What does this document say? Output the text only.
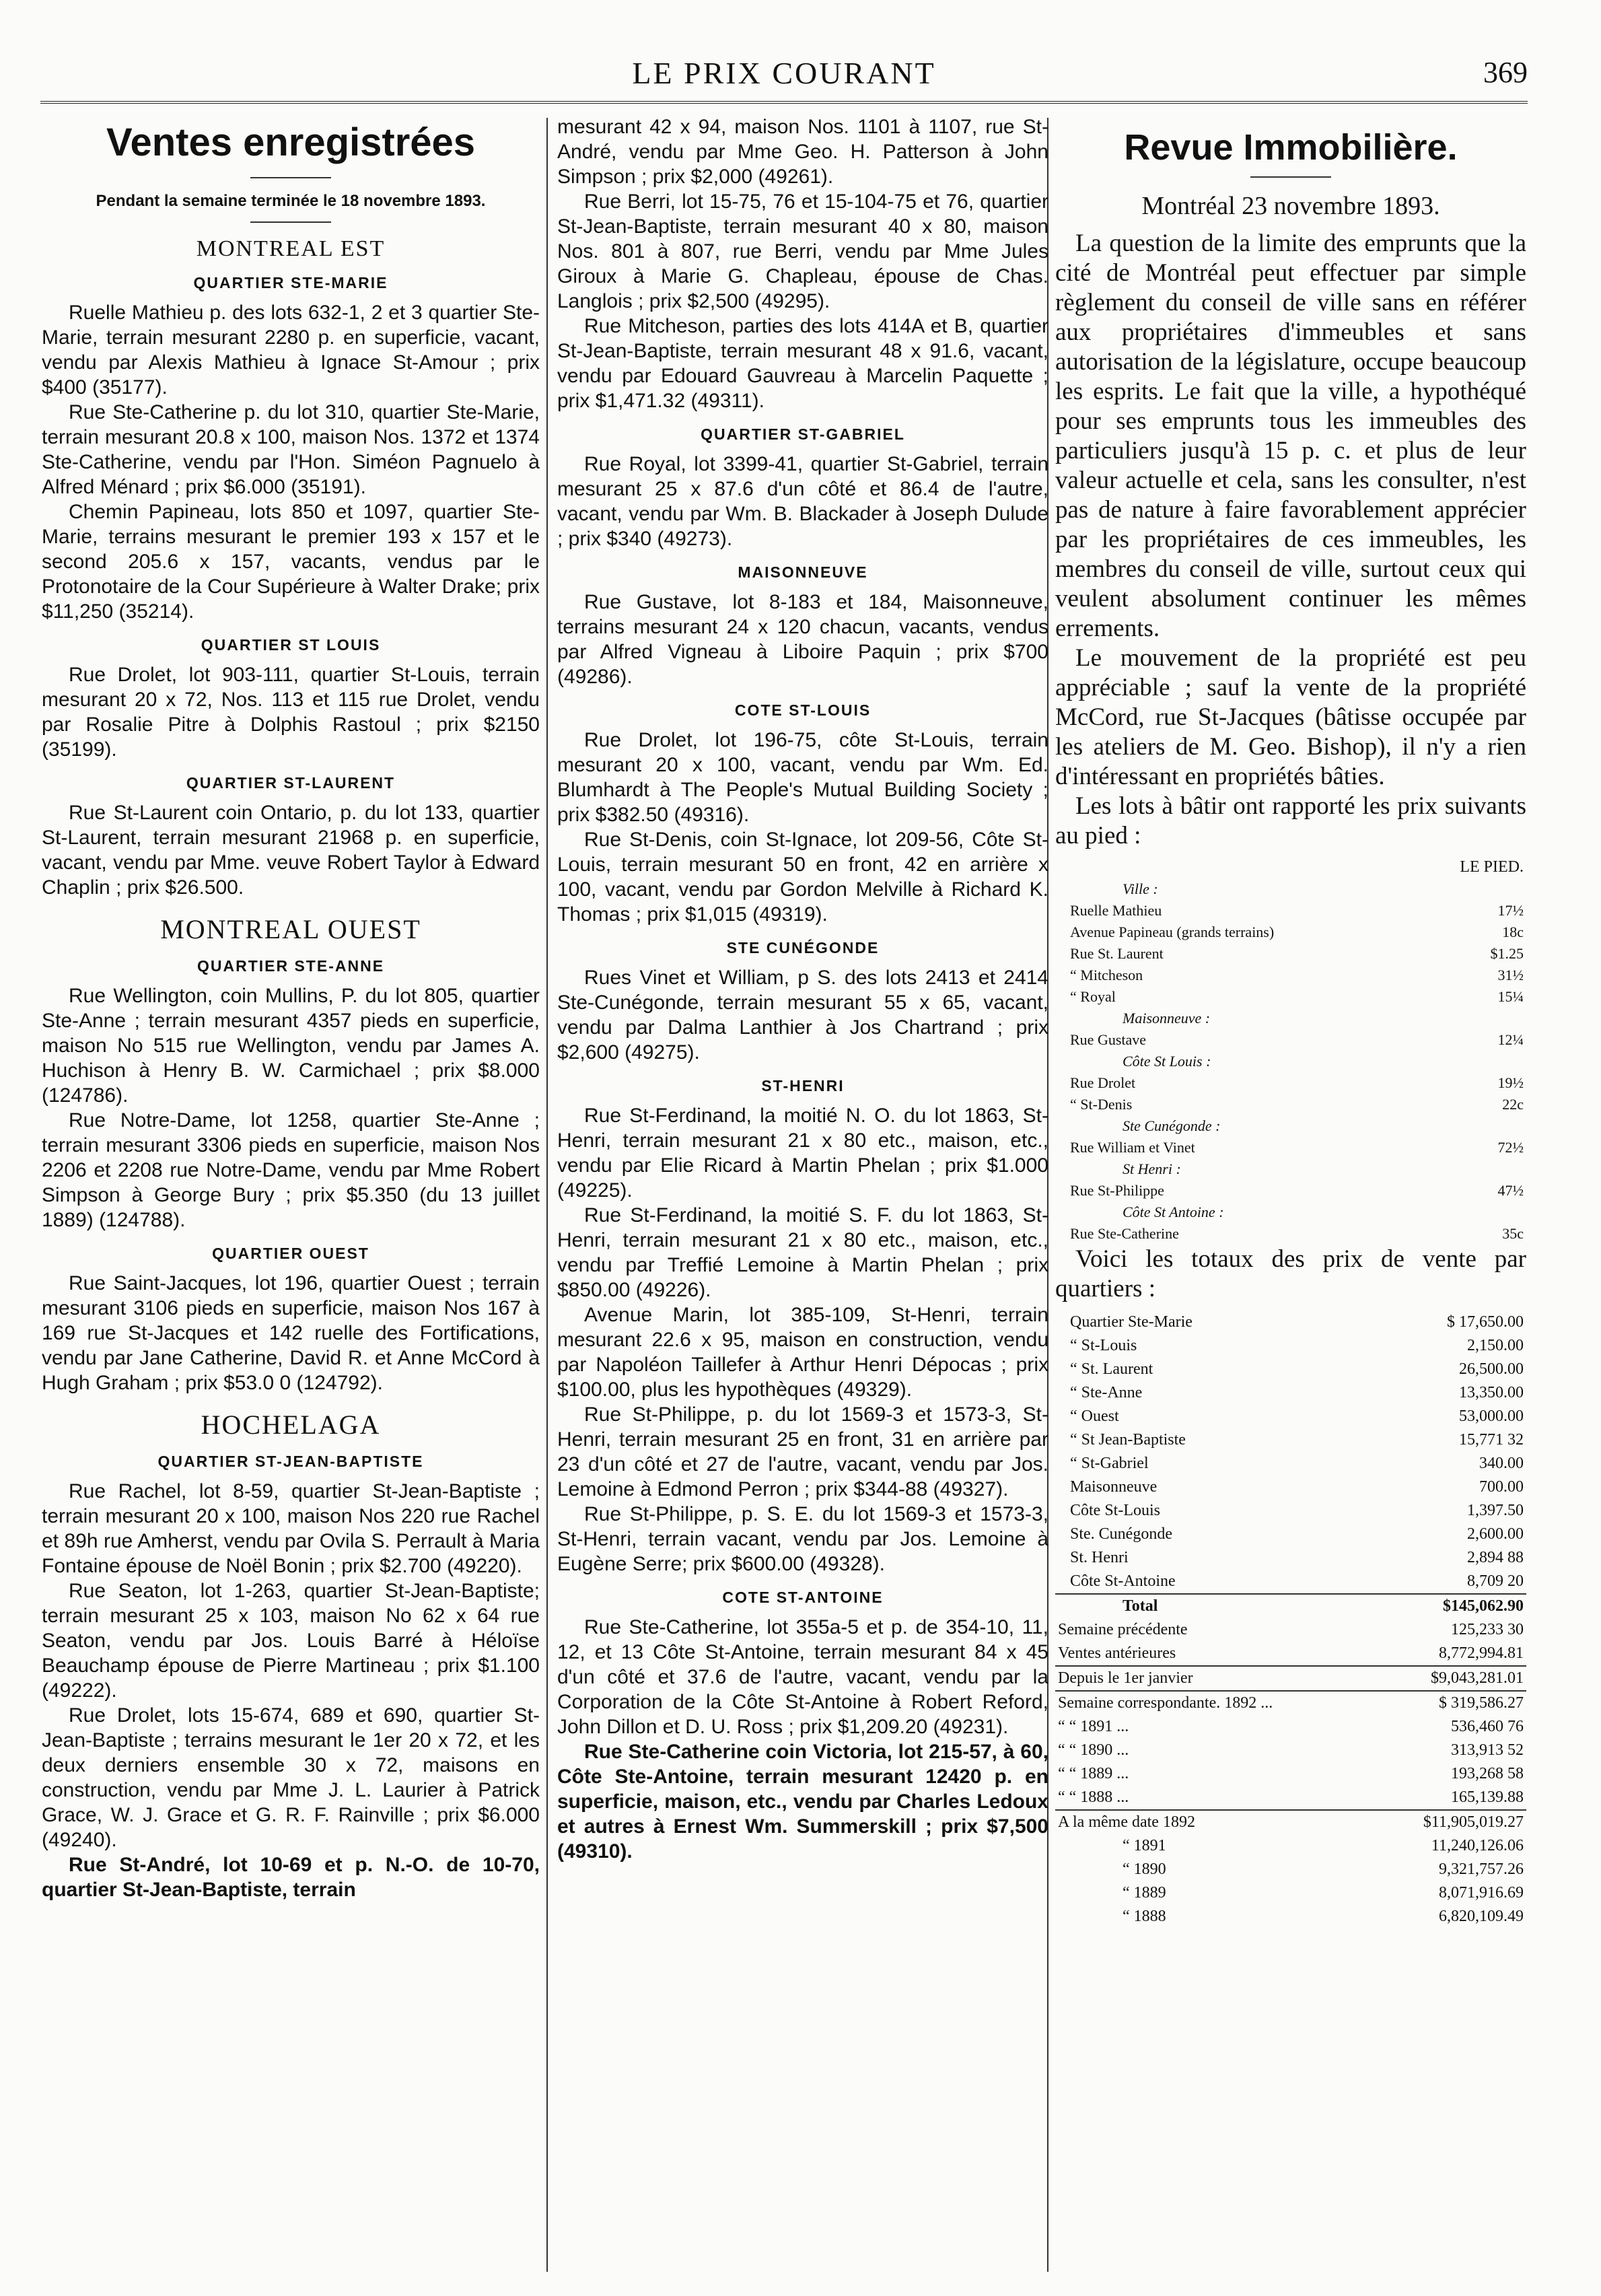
LE PRIX COURANT	369
Ventes enregistrées
Pendant la semaine terminée le 18 novembre 1893.
MONTREAL EST
QUARTIER STE-MARIE

Ruelle Mathieu p. des lots 632-1, 2 et 3 quartier Ste-Marie, terrain mesurant 2280 p. en superficie, vacant, vendu par Alexis Mathieu à Ignace St-Amour ; prix $400 (35177).

Rue Ste-Catherine p. du lot 310, quartier Ste-Marie, terrain mesurant 20.8 x 100, maison Nos. 1372 et 1374 Ste-Catherine, vendu par l'Hon. Siméon Pagnuelo à Alfred Ménard ; prix $6.000 (35191).

Chemin Papineau, lots 850 et 1097, quartier Ste-Marie, terrains mesurant le premier 193 x 157 et le second 205.6 x 157, vacants, vendus par le Protonotaire de la Cour Supérieure à Walter Drake; prix $11,250 (35214).

QUARTIER ST LOUIS

Rue Drolet, lot 903-111, quartier St-Louis, terrain mesurant 20 x 72, Nos. 113 et 115 rue Drolet, vendu par Rosalie Pitre à Dolphis Rastoul ; prix $2150 (35199).

QUARTIER ST-LAURENT

Rue St-Laurent coin Ontario, p. du lot 133, quartier St-Laurent, terrain mesurant 21968 p. en superficie, vacant, vendu par Mme. veuve Robert Taylor à Edward Chaplin ; prix $26.500.

MONTREAL OUEST
QUARTIER STE-ANNE

Rue Wellington, coin Mullins, P. du lot 805, quartier Ste-Anne ; terrain mesurant 4357 pieds en superficie, maison No 515 rue Wellington, vendu par James A. Huchison à Henry B. W. Carmichael ; prix $8.000 (124786).

Rue Notre-Dame, lot 1258, quartier Ste-Anne ; terrain mesurant 3306 pieds en superficie, maison Nos 2206 et 2208 rue Notre-Dame, vendu par Mme Robert Simpson à George Bury ; prix $5.350 (du 13 juillet 1889) (124788).

QUARTIER OUEST

Rue Saint-Jacques, lot 196, quartier Ouest ; terrain mesurant 3106 pieds en superficie, maison Nos 167 à 169 rue St-Jacques et 142 ruelle des Fortifications, vendu par Jane Catherine, David R. et Anne McCord à Hugh Graham ; prix $53.0 0 (124792).

HOCHELAGA
QUARTIER ST-JEAN-BAPTISTE

Rue Rachel, lot 8-59, quartier St-Jean-Baptiste ; terrain mesurant 20 x 100, maison Nos 220 rue Rachel et 89h rue Amherst, vendu par Ovila S. Perrault à Maria Fontaine épouse de Noël Bonin ; prix $2.700 (49220).

Rue Seaton, lot 1-263, quartier St-Jean-Baptiste; terrain mesurant 25 x 103, maison No 62 x 64 rue Seaton, vendu par Jos. Louis Barré à Héloïse Beauchamp épouse de Pierre Martineau ; prix $1.100 (49222).

Rue Drolet, lots 15-674, 689 et 690, quartier St-Jean-Baptiste ; terrains mesurant le 1er 20 x 72, et les deux derniers ensemble 30 x 72, maisons en construction, vendu par Mme J. L. Laurier à Patrick Grace, W. J. Grace et G. R. F. Rainville ; prix $6.000 (49240).

Rue St-André, lot 10-69 et p. N.-O. de 10-70, quartier St-Jean-Baptiste, terrain

mesurant 42 x 94, maison Nos. 1101 à 1107, rue St-André, vendu par Mme Geo. H. Patterson à John Simpson ; prix $2,000 (49261).

Rue Berri, lot 15-75, 76 et 15-104-75 et 76, quartier St-Jean-Baptiste, terrain mesurant 40 x 80, maison Nos. 801 à 807, rue Berri, vendu par Mme Jules Giroux à Marie G. Chapleau, épouse de Chas. Langlois ; prix $2,500 (49295).

Rue Mitcheson, parties des lots 414A et B, quartier St-Jean-Baptiste, terrain mesurant 48 x 91.6, vacant, vendu par Edouard Gauvreau à Marcelin Paquette ; prix $1,471.32 (49311).

QUARTIER ST-GABRIEL

Rue Royal, lot 3399-41, quartier St-Gabriel, terrain mesurant 25 x 87.6 d'un côté et 86.4 de l'autre, vacant, vendu par Wm. B. Blackader à Joseph Dulude ; prix $340 (49273).

MAISONNEUVE

Rue Gustave, lot 8-183 et 184, Maisonneuve, terrains mesurant 24 x 120 chacun, vacants, vendus par Alfred Vigneau à Liboire Paquin ; prix $700 (49286).

COTE ST-LOUIS

Rue Drolet, lot 196-75, côte St-Louis, terrain mesurant 20 x 100, vacant, vendu par Wm. Ed. Blumhardt à The People's Mutual Building Society ; prix $382.50 (49316).

Rue St-Denis, coin St-Ignace, lot 209-56, Côte St-Louis, terrain mesurant 50 en front, 42 en arrière x 100, vacant, vendu par Gordon Melville à Richard K. Thomas ; prix $1,015 (49319).

STE CUNÉGONDE

Rues Vinet et William, p S. des lots 2413 et 2414 Ste-Cunégonde, terrain mesurant 55 x 65, vacant, vendu par Dalma Lanthier à Jos Chartrand ; prix $2,600 (49275).

ST-HENRI

Rue St-Ferdinand, la moitié N. O. du lot 1863, St-Henri, terrain mesurant 21 x 80 etc., maison, etc., vendu par Elie Ricard à Martin Phelan ; prix $1.000 (49225).

Rue St-Ferdinand, la moitié S. F. du lot 1863, St-Henri, terrain mesurant 21 x 80 etc., maison, etc., vendu par Treffié Lemoine à Martin Phelan ; prix $850.00 (49226).

Avenue Marin, lot 385-109, St-Henri, terrain mesurant 22.6 x 95, maison en construction, vendu par Napoléon Taillefer à Arthur Henri Dépocas ; prix $100.00, plus les hypothèques (49329).

Rue St-Philippe, p. du lot 1569-3 et 1573-3, St-Henri, terrain mesurant 25 en front, 31 en arrière par 23 d'un côté et 27 de l'autre, vacant, vendu par Jos. Lemoine à Edmond Perron ; prix $344-88 (49327).

Rue St-Philippe, p. S. E. du lot 1569-3 et 1573-3, St-Henri, terrain vacant, vendu par Jos. Lemoine à Eugène Serre; prix $600.00 (49328).

COTE ST-ANTOINE

Rue Ste-Catherine, lot 355a-5 et p. de 354-10, 11, 12, et 13 Côte St-Antoine, terrain mesurant 84 x 45 d'un côté et 37.6 de l'autre, vacant, vendu par la Corporation de la Côte St-Antoine à Robert Reford, John Dillon et D. U. Ross ; prix $1,209.20 (49231).

Rue Ste-Catherine coin Victoria, lot 215-57, à 60, Côte Ste-Antoine, terrain mesurant 12420 p. en superficie, maison, etc., vendu par Charles Ledoux et autres à Ernest Wm. Summerskill ; prix $7,500 (49310).

Revue Immobilière.
Montréal 23 novembre 1893.

La question de la limite des emprunts que la cité de Montréal peut effectuer par simple règlement du conseil de ville sans en référer aux propriétaires d'immeubles et sans autorisation de la législature, occupe beaucoup les esprits. Le fait que la ville, a hypothéqué pour ses emprunts tous les immeubles des particuliers jusqu'à 15 p. c. et plus de leur valeur actuelle et cela, sans les consulter, n'est pas de nature à faire favorablement apprécier par les propriétaires de ces immeubles, les membres du conseil de ville, surtout ceux qui veulent absolument continuer les mêmes errements.

Le mouvement de la propriété est peu appréciable ; sauf la vente de la propriété McCord, rue St-Jacques (bâtisse occupée par les ateliers de M. Geo. Bishop), il n'y a rien d'intéressant en propriétés bâties.

Les lots à bâtir ont rapporté les prix suivants au pied :

	LE PIED.
Ville :	
Ruelle Mathieu	17½
Avenue Papineau (grands terrains)	18c
Rue St. Laurent	$1.25
“ Mitcheson	31½
“ Royal	15¼
Maisonneuve :	
Rue Gustave	12¼
Côte St Louis :	
Rue Drolet	19½
“ St-Denis	22c
Ste Cunégonde :	
Rue William et Vinet	72½
St Henri :	
Rue St-Philippe	47½
Côte St Antoine :	
Rue Ste-Catherine	35c

Voici les totaux des prix de vente par quartiers :

Quartier Ste-Marie	$ 17,650.00
“ St-Louis	2,150.00
“ St. Laurent	26,500.00
“ Ste-Anne	13,350.00
“ Ouest	53,000.00
“ St Jean-Baptiste	15,771 32
“ St-Gabriel	340.00
Maisonneuve	700.00
Côte St-Louis	1,397.50
Ste. Cunégonde	2,600.00
St. Henri	2,894 88
Côte St-Antoine	8,709 20
Total	$145,062.90
Semaine précédente	125,233 30
Ventes antérieures	8,772,994.81
Depuis le 1er janvier	$9,043,281.01
Semaine correspondante. 1892 ...	$ 319,586.27
“ “ 1891 ...	536,460 76
“ “ 1890 ...	313,913 52
“ “ 1889 ...	193,268 58
“ “ 1888 ...	165,139.88
A la même date 1892	$11,905,019.27
“ 1891	11,240,126.06
“ 1890	9,321,757.26
“ 1889	8,071,916.69
“ 1888	6,820,109.49
